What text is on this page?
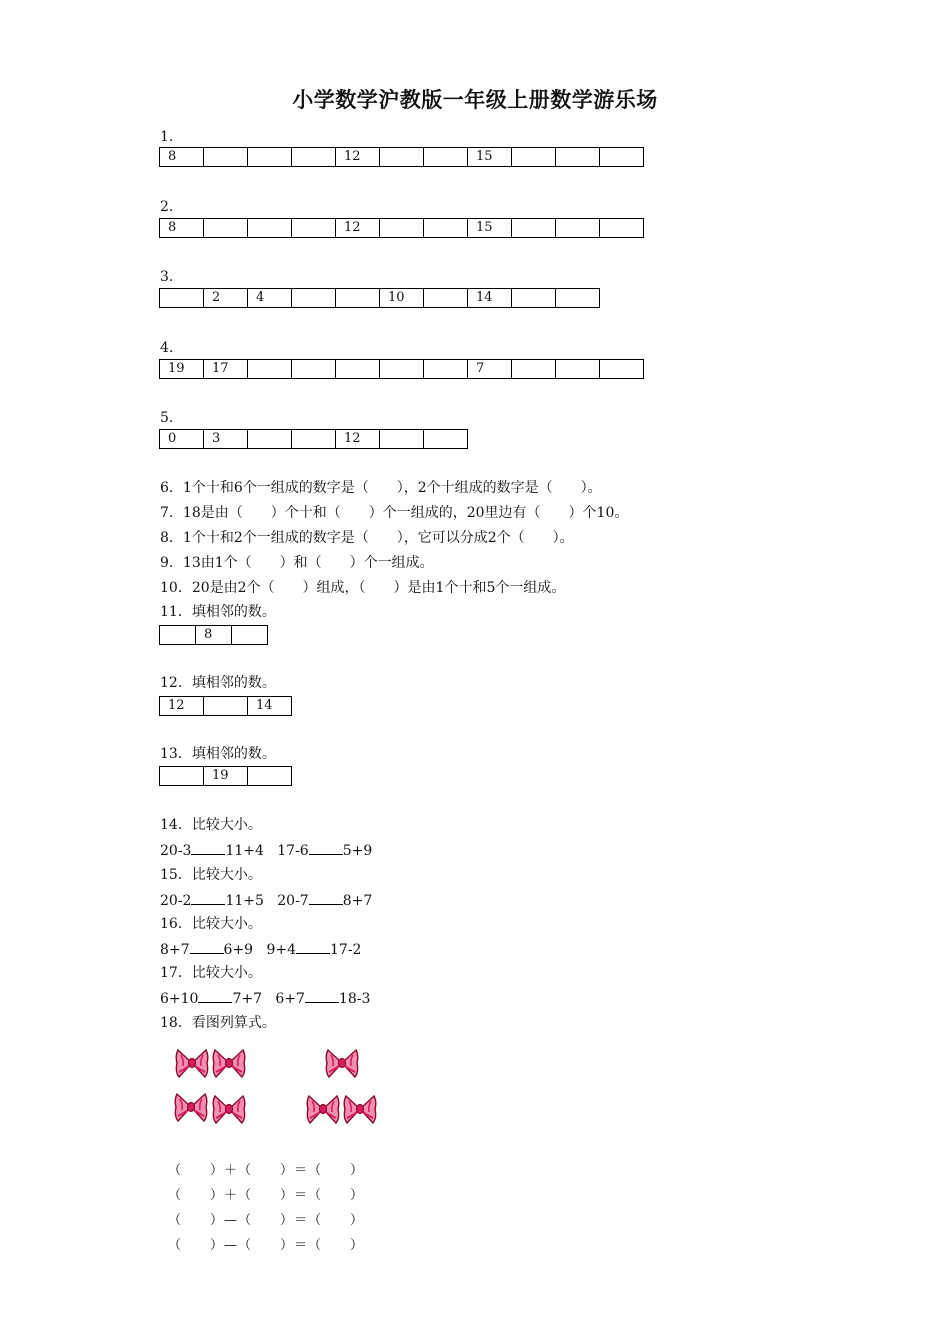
小学数学沪教版一年级上册数学游乐场
1.
8				12			15			
2.
8				12			15			
3.
	2	4			10		14		
4.
19	17						7			
5.
0	3			12		
6．1个十和6个一组成的数字是（　　），2个十组成的数字是（　　）。
7．18是由（　　）个十和（　　）个一组成的，20里边有（　　）个10。
8．1个十和2个一组成的数字是（　　），它可以分成2个（　　）。
9．13由1个（　　）和（　　）个一组成。
10．20是由2个（　　）组成，（　　）是由1个十和5个一组成。
11．填相邻的数。
	8	
12．填相邻的数。
12		14
13．填相邻的数。
	19	
14．比较大小。
20-3 11+4 17-6 5+9
15．比较大小。
20-2 11+5 20-7 8+7
16．比较大小。
8+7 6+9 9+4 17-2
17．比较大小。
6+10 7+7 6+7 18-3
18．看图列算式。
（　　）＋（　　）＝（　　）
（　　）＋（　　）＝（　　）
（　　）—（　　）＝（　　）
（　　）—（　　）＝（　　）
